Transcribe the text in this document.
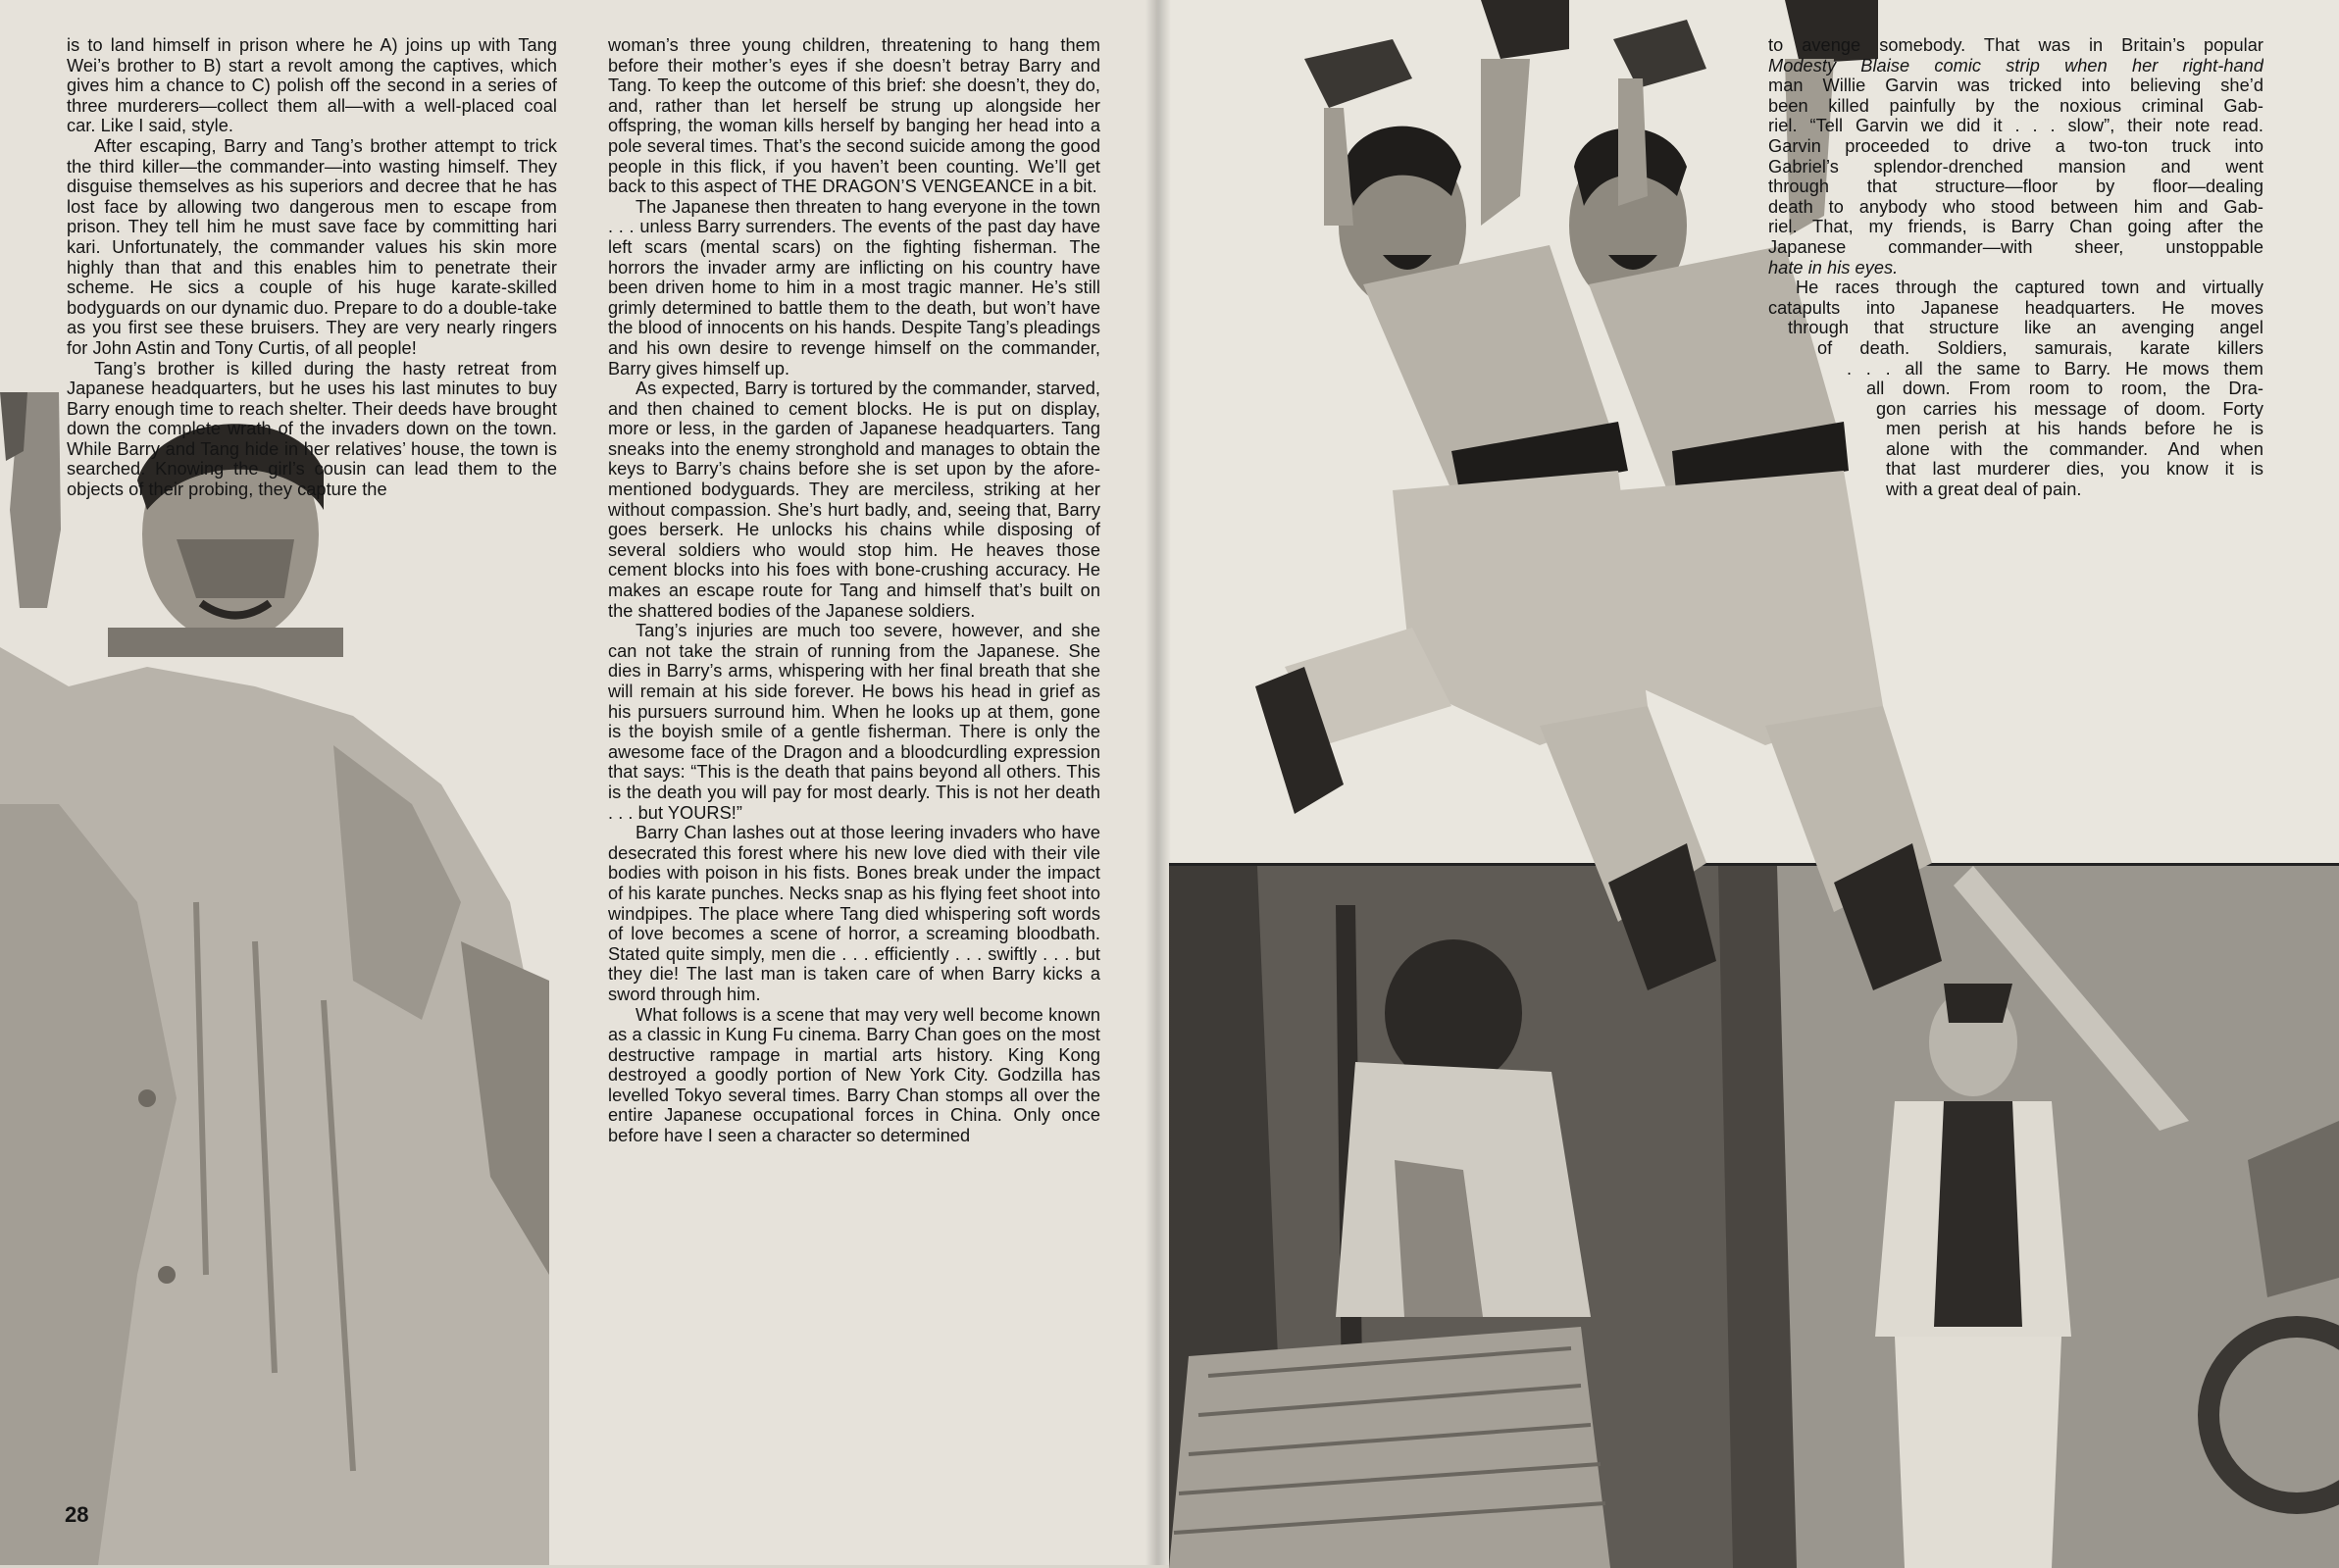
is to land himself in prison where he A) joins up with Tang Wei’s brother to B) start a revolt among the captives, which gives him a chance to C) polish off the second in a series of three murderers—collect them all—with a well-placed coal car. Like I said, style.

After escaping, Barry and Tang’s brother attempt to trick the third killer—the commander—into wasting himself. They disguise themselves as his superiors and decree that he has lost face by allowing two dangerous men to escape from prison. They tell him he must save face by committing hari kari. Unfortunately, the commander values his skin more highly than that and this enables him to penetrate their scheme. He sics a couple of his huge karate-skilled bodyguards on our dynamic duo. Prepare to do a double-take as you first see these bruisers. They are very nearly ringers for John Astin and Tony Curtis, of all people!

Tang’s brother is killed during the hasty retreat from Japanese headquarters, but he uses his last minutes to buy Barry enough time to reach shelter. Their deeds have brought down the complete wrath of the invaders down on the town. While Barry and Tang hide in her relatives’ house, the town is searched. Knowing the girl’s cousin can lead them to the objects of their probing, they capture the

woman’s three young children, threatening to hang them before their mother’s eyes if she doesn’t betray Barry and Tang. To keep the outcome of this brief: she doesn’t, they do, and, rather than let herself be strung up alongside her offspring, the woman kills herself by banging her head into a pole several times. That’s the second suicide among the good people in this flick, if you haven’t been counting. We’ll get back to this aspect of THE DRAGON’S VENGEANCE in a bit.

The Japanese then threaten to hang everyone in the town . . . unless Barry surrenders. The events of the past day have left scars (mental scars) on the fighting fisherman. The horrors the invader army are inflicting on his country have been driven home to him in a most tragic manner. He’s still grimly determined to battle them to the death, but won’t have the blood of innocents on his hands. Despite Tang’s pleadings and his own desire to revenge himself on the commander, Barry gives himself up.

As expected, Barry is tortured by the commander, starved, and then chained to cement blocks. He is put on display, more or less, in the garden of Japanese headquarters. Tang sneaks into the enemy stronghold and manages to obtain the keys to Barry’s chains before she is set upon by the afore-mentioned bodyguards. They are merciless, striking at her without compassion. She’s hurt badly, and, seeing that, Barry goes berserk. He unlocks his chains while disposing of several soldiers who would stop him. He heaves those cement blocks into his foes with bone-crushing accuracy. He makes an escape route for Tang and himself that’s built on the shattered bodies of the Japanese soldiers.

Tang’s injuries are much too severe, however, and she can not take the strain of running from the Japanese. She dies in Barry’s arms, whispering with her final breath that she will remain at his side forever. He bows his head in grief as his pursuers surround him. When he looks up at them, gone is the boyish smile of a gentle fisherman. There is only the awesome face of the Dragon and a bloodcurdling expression that says: “This is the death that pains beyond all others. This is the death you will pay for most dearly. This is not her death . . . but YOURS!”

Barry Chan lashes out at those leering invaders who have desecrated this forest where his new love died with their vile bodies with poison in his fists. Bones break under the impact of his karate punches. Necks snap as his flying feet shoot into windpipes. The place where Tang died whispering soft words of love becomes a scene of horror, a screaming bloodbath. Stated quite simply, men die . . . efficiently . . . swiftly . . . but they die! The last man is taken care of when Barry kicks a sword through him.

What follows is a scene that may very well become known as a classic in Kung Fu cinema. Barry Chan goes on the most destructive rampage in martial arts history. King Kong destroyed a goodly portion of New York City. Godzilla has levelled Tokyo several times. Barry Chan stomps all over the entire Japanese occupational forces in China. Only once before have I seen a character so determined

28
to avenge somebody. That was in Britain’s popular
Modesty Blaise comic strip when her right-hand
man Willie Garvin was tricked into believing she’d
been killed painfully by the noxious criminal Gab-
riel. “Tell Garvin we did it . . . slow”, their note read.
Garvin proceeded to drive a two-ton truck into
Gabriel’s splendor-drenched mansion and went
through that structure—floor by floor—dealing
death to anybody who stood between him and Gab-
riel. That, my friends, is Barry Chan going after the
Japanese commander—with sheer, unstoppable
hate in his eyes.
He races through the captured town and virtually
catapults into Japanese headquarters. He moves
through that structure like an avenging angel
of death. Soldiers, samurais, karate killers
. . . all the same to Barry. He mows them
all down. From room to room, the Dra-
gon carries his message of doom. Forty
men perish at his hands before he is
alone with the commander. And when
that last murderer dies, you know it is
with a great deal of pain.
